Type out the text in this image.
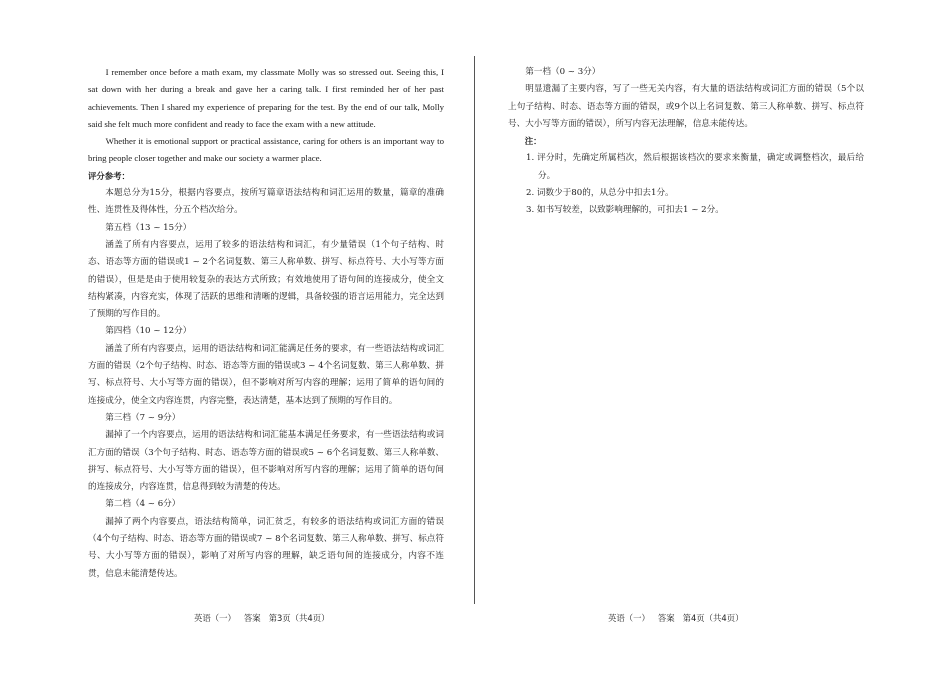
I remember once before a math exam, my classmate Molly was so stressed out. Seeing this, I sat down with her during a break and gave her a caring talk. I first reminded her of her past achievements. Then I shared my experience of preparing for the test. By the end of our talk, Molly said she felt much more confident and ready to face the exam with a new attitude.

Whether it is emotional support or practical assistance, caring for others is an important way to bring people closer together and make our society a warmer place.

评分参考：

本题总分为15分，根据内容要点，按所写篇章语法结构和词汇运用的数量，篇章的准确性、连贯性及得体性，分五个档次给分。

第五档（13 ~ 15分）

涵盖了所有内容要点，运用了较多的语法结构和词汇，有少量错误（1个句子结构、时态、语态等方面的错误或1 ~ 2个名词复数、第三人称单数、拼写、标点符号、大小写等方面的错误），但是是由于使用较复杂的表达方式所致；有效地使用了语句间的连接成分，使全文结构紧凑，内容充实，体现了活跃的思维和清晰的逻辑，具备较强的语言运用能力，完全达到了预期的写作目的。

第四档（10 ~ 12分）

涵盖了所有内容要点，运用的语法结构和词汇能满足任务的要求，有一些语法结构或词汇方面的错误（2个句子结构、时态、语态等方面的错误或3 ~ 4个名词复数、第三人称单数、拼写、标点符号、大小写等方面的错误），但不影响对所写内容的理解；运用了简单的语句间的连接成分，使全文内容连贯，内容完整，表达清楚，基本达到了预期的写作目的。

第三档（7 ~ 9分）

漏掉了一个内容要点，运用的语法结构和词汇能基本满足任务要求，有一些语法结构或词汇方面的错误（3个句子结构、时态、语态等方面的错误或5 ~ 6个名词复数、第三人称单数、拼写、标点符号、大小写等方面的错误），但不影响对所写内容的理解；运用了简单的语句间的连接成分，内容连贯，信息得到较为清楚的传达。

第二档（4 ~ 6分）

漏掉了两个内容要点，语法结构简单，词汇贫乏，有较多的语法结构或词汇方面的错误（4个句子结构、时态、语态等方面的错误或7 ~ 8个名词复数、第三人称单数、拼写、标点符号、大小写等方面的错误），影响了对所写内容的理解，缺乏语句间的连接成分，内容不连贯，信息未能清楚传达。

第一档（0 ~ 3分）

明显遗漏了主要内容，写了一些无关内容，有大量的语法结构或词汇方面的错误（5个以上句子结构、时态、语态等方面的错误，或9个以上名词复数、第三人称单数、拼写、标点符号、大小写等方面的错误），所写内容无法理解，信息未能传达。

注：

1. 评分时，先确定所属档次，然后根据该档次的要求来衡量，确定或调整档次，最后给分。
2. 词数少于80的，从总分中扣去1分。
3. 如书写较差，以致影响理解的，可扣去1 ~ 2分。
英语（一）   答案   第3页（共4页）	英语（一）   答案   第4页（共4页）
